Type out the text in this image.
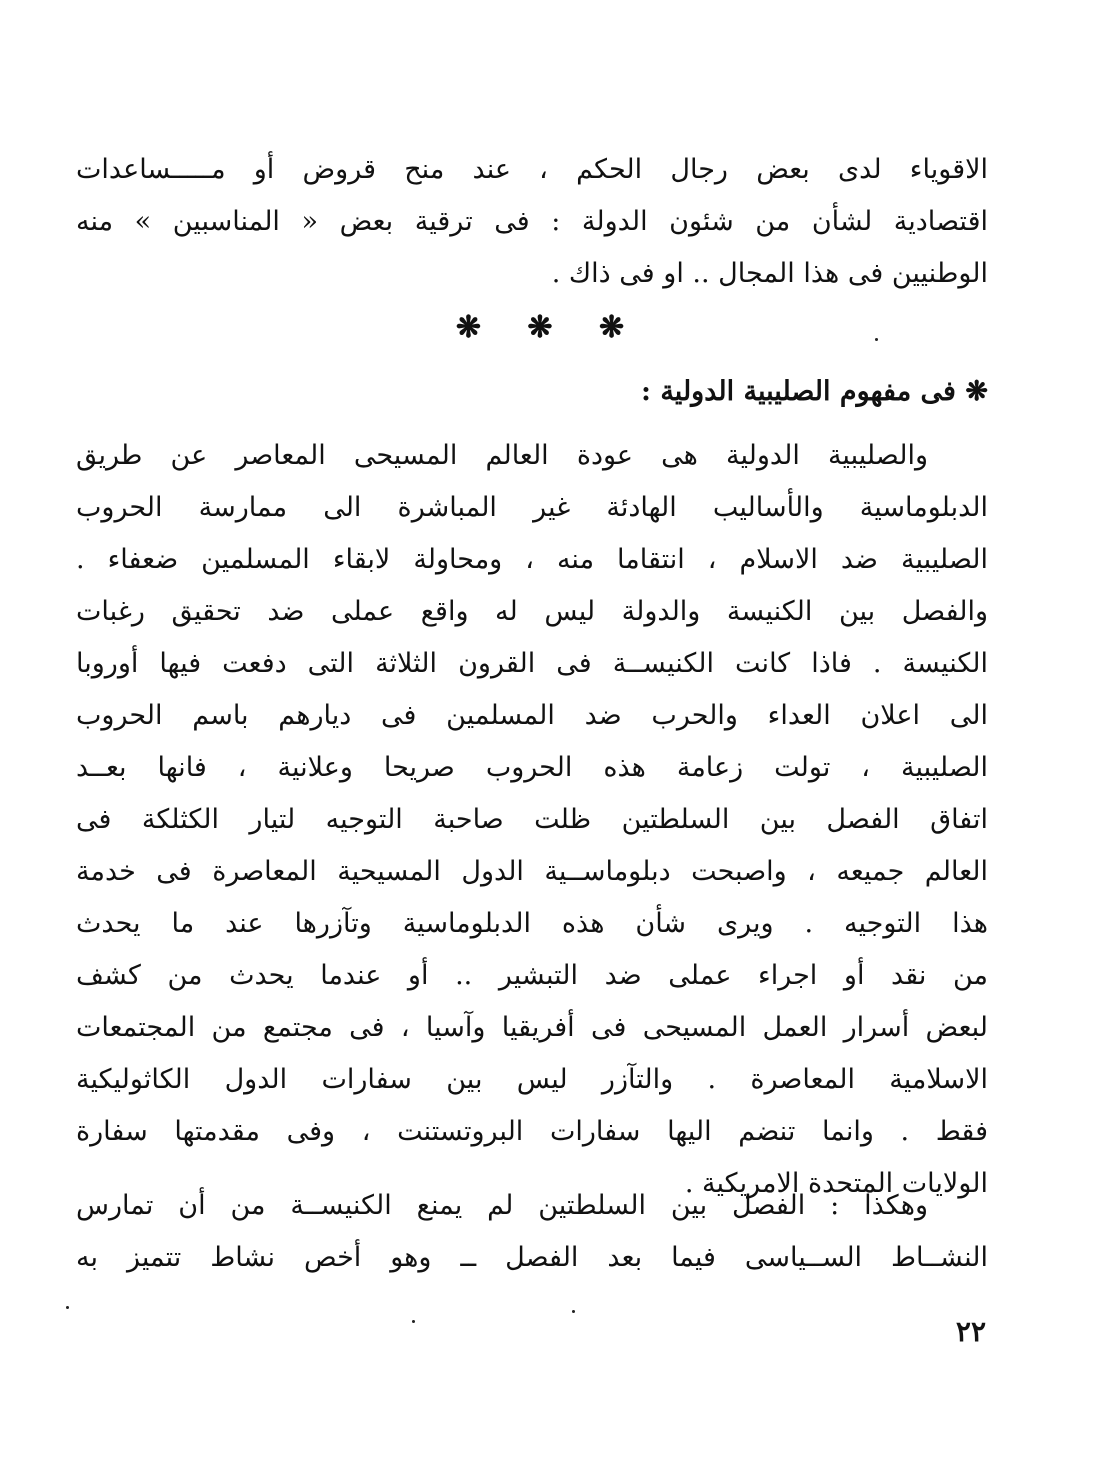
الاقوياء لدى بعض رجال الحكم ، عند منح قروض أو مـــــساعدات
اقتصادية لشأن من شئون الدولة : فى ترقية بعض « المناسبين » منه
الوطنيين فى هذا المجال .. او فى ذاك .
❋ ❋ ❋
❋ فى مفهوم الصليبية الدولية :
والصليبية الدولية هى عودة العالم المسيحى المعاصر عن طريق
الدبلوماسية والأساليب الهادئة غير المباشرة الى ممارسة الحروب
الصليبية ضد الاسلام ، انتقاما منه ، ومحاولة لابقاء المسلمين ضعفاء .
والفصل بين الكنيسة والدولة ليس له واقع عملى ضد تحقيق رغبات
الكنيسة . فاذا كانت الكنيســة فى القرون الثلاثة التى دفعت فيها أوروبا
الى اعلان العداء والحرب ضد المسلمين فى ديارهم باسم الحروب
الصليبية ، تولت زعامة هذه الحروب صريحا وعلانية ، فانها بعــد
اتفاق الفصل بين السلطتين ظلت صاحبة التوجيه لتيار الكثلكة فى
العالم جميعه ، واصبحت دبلوماســية الدول المسيحية المعاصرة فى خدمة
هذا التوجيه . ويرى شأن هذه الدبلوماسية وتآزرها عند ما يحدث
من نقد أو اجراء عملى ضد التبشير .. أو عندما يحدث من كشف
لبعض أسرار العمل المسيحى فى أفريقيا وآسيا ، فى مجتمع من المجتمعات
الاسلامية المعاصرة . والتآزر ليس بين سفارات الدول الكاثوليكية
فقط . وانما تنضم اليها سفارات البروتستنت ، وفى مقدمتها سفارة
الولايات المتحدة الامريكية .
وهكذا : الفصل بين السلطتين لم يمنع الكنيســة من أن تمارس
النشــاط الســياسى فيما بعد الفصل ــ وهو أخص نشاط تتميز به
٢٢
